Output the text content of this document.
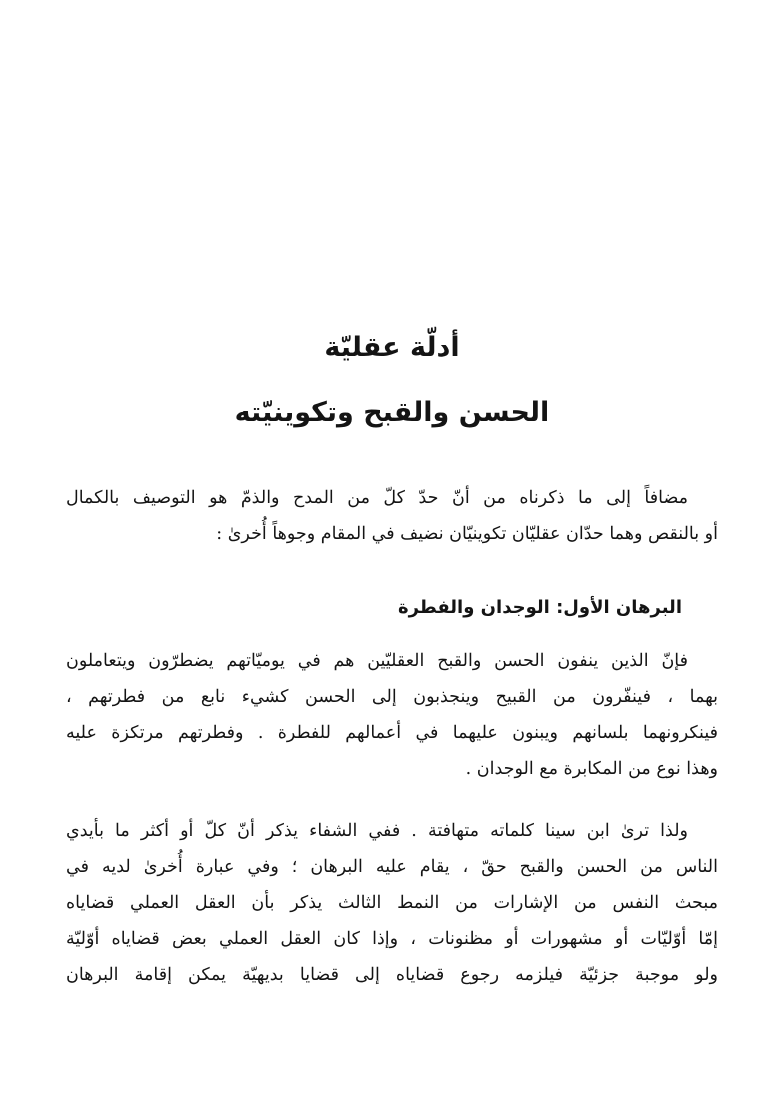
أدلّة عقليّة
الحسن والقبح وتكوينيّته

مضافاً إلى ما ذكرناه من أنّ حدّ كلّ من المدح والذمّ هو التوصيف بالكمال
أو بالنقص وهما حدّان عقليّان تكوينيّان نضيف في المقام وجوهاً أُخرىٰ :

البرهان الأول: الوجدان والفطرة

فإنّ الذين ينفون الحسن والقبح العقليّين هم في يوميّاتهم يضطرّون ويتعاملون
بهما ، فينفّرون من القبيح وينجذبون إلى الحسن كشيء نابع من فطرتهم ،
فينكرونهما بلسانهم ويبنون عليهما في أعمالهم للفطرة . وفطرتهم مرتكزة عليه
وهذا نوع من المكابرة مع الوجدان .

ولذا ترىٰ ابن سينا كلماته متهافتة . ففي الشفاء يذكر أنّ كلّ أو أكثر ما بأيدي
الناس من الحسن والقبح حقّ ، يقام عليه البرهان ؛ وفي عبارة أُخرىٰ لديه في
مبحث النفس من الإشارات من النمط الثالث يذكر بأن العقل العملي قضاياه
إمّا أوّليّات أو مشهورات أو مظنونات ، وإذا كان العقل العملي بعض قضاياه أوّليّة
ولو موجبة جزئيّة فيلزمه رجوع قضاياه إلى قضايا بديهيّة يمكن إقامة البرهان
